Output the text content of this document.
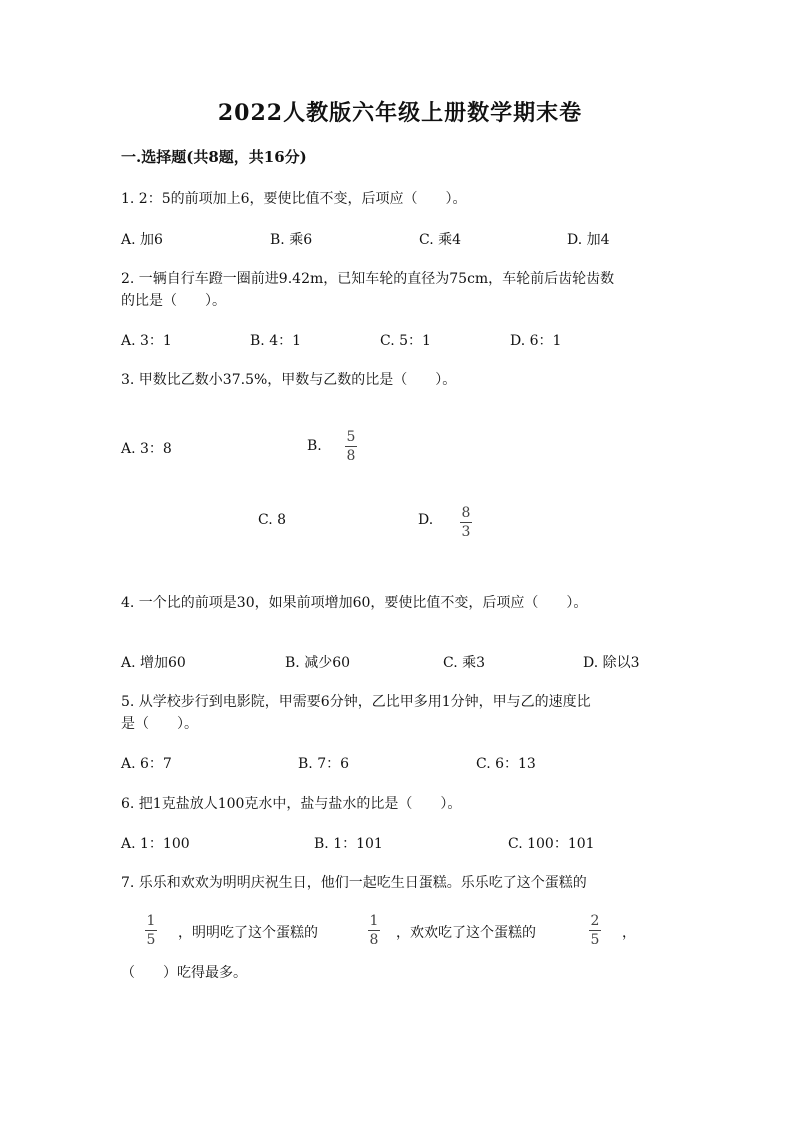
2022人教版六年级上册数学期末卷
一.选择题(共8题，共16分)
1. 2：5的前项加上6，要使比值不变，后项应（　　）。
A. 加6	B. 乘6	C. 乘4	D. 加4
2. 一辆自行车蹬一圈前进9.42m，已知车轮的直径为75cm，车轮前后齿轮齿数
的比是（　　）。
A. 3：1	B. 4：1	C. 5：1	D. 6：1
3. 甲数比乙数小37.5%，甲数与乙数的比是（　　）。
A. 3：8	B.
5
8
C. 8	D. 8
3
4. 一个比的前项是30，如果前项增加60，要使比值不变，后项应（　　）。
A. 增加60	B. 减少60	C. 乘3	D. 除以3
5. 从学校步行到电影院，甲需要6分钟，乙比甲多用1分钟，甲与乙的速度比
是（　　）。
A. 6：7	B. 7：6	C. 6：13
6. 把1克盐放人100克水中，盐与盐水的比是（　　）。
A. 1：100	B. 1：101	C. 100：101
7. 乐乐和欢欢为明明庆祝生日，他们一起吃生日蛋糕。乐乐吃了这个蛋糕的
1
5 ，明明吃了这个蛋糕的
1
8 ，欢欢吃了这个蛋糕的
2
5 ，
（　　）吃得最多。
